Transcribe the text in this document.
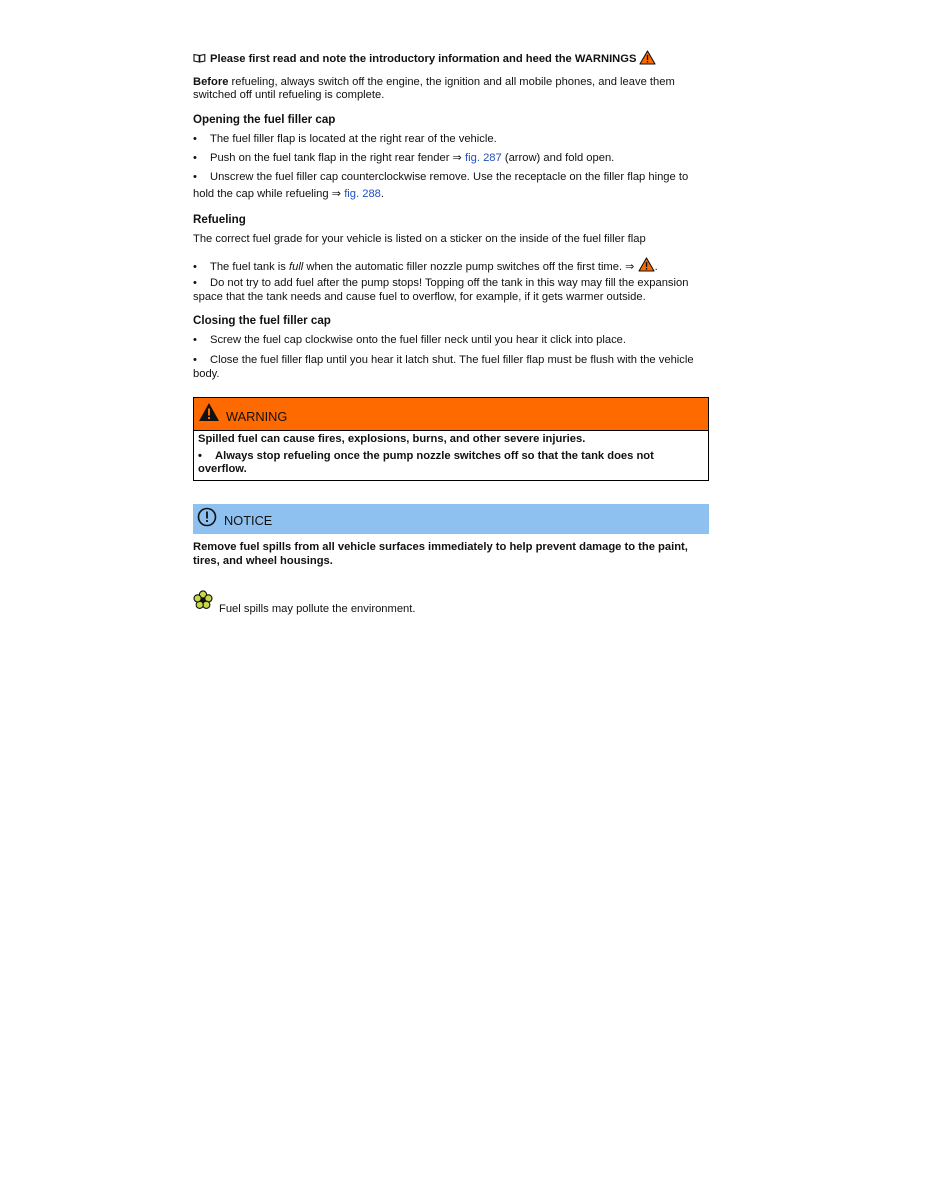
Please first read and note the introductory information and heed the WARNINGS

Before refueling, always switch off the engine, the ignition and all mobile phones, and leave them switched off until refueling is complete.

Opening the fuel filler cap
• The fuel filler flap is located at the right rear of the vehicle.
• Push on the fuel tank flap in the right rear fender ⇒ fig. 287 (arrow) and fold open.
• Unscrew the fuel filler cap counterclockwise remove. Use the receptacle on the filler flap hinge to hold the cap while refueling ⇒ fig. 288.
Refueling

The correct fuel grade for your vehicle is listed on a sticker on the inside of the fuel filler flap

• The fuel tank is full when the automatic filler nozzle pump switches off the first time. ⇒ .
• Do not try to add fuel after the pump stops! Topping off the tank in this way may fill the expansion space that the tank needs and cause fuel to overflow, for example, if it gets warmer outside.
Closing the fuel filler cap
• Screw the fuel cap clockwise onto the fuel filler neck until you hear it click into place.
• Close the fuel filler flap until you hear it latch shut. The fuel filler flap must be flush with the vehicle body.
WARNING
Spilled fuel can cause fires, explosions, burns, and other severe injuries.
• Always stop refueling once the pump nozzle switches off so that the tank does not overflow.
NOTICE

Remove fuel spills from all vehicle surfaces immediately to help prevent damage to the paint, tires, and wheel housings.

Fuel spills may pollute the environment.
